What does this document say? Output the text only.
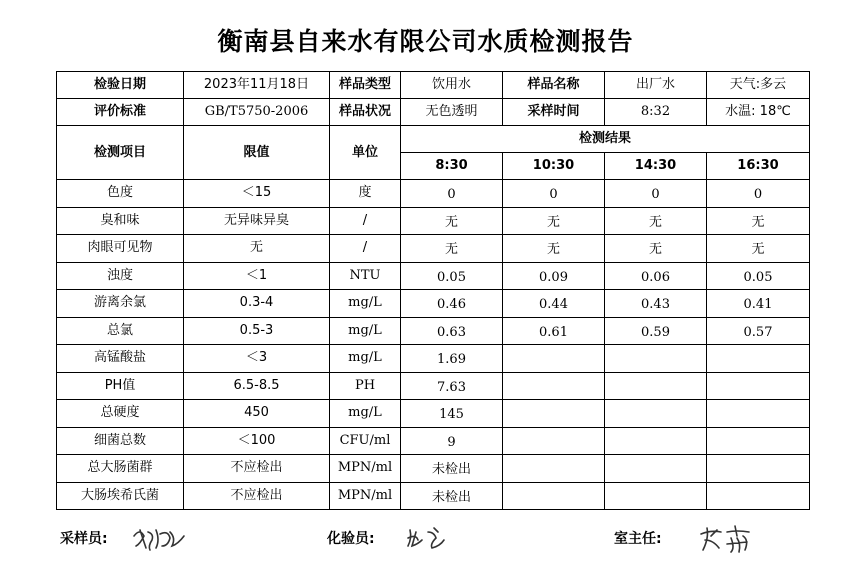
衡南县自来水有限公司水质检测报告
检验日期	2023年11月18日	样品类型	饮用水	样品名称	出厂水	天气:多云
评价标准	GB/T5750-2006	样品状况	无色透明	采样时间	8:32	水温: 18℃
检测项目	限值	单位	检测结果			
			8:30	10:30	14:30	16:30
色度	＜15	度	0	0	0	0
臭和味	无异味异臭	/	无	无	无	无
肉眼可见物	无	/	无	无	无	无
浊度	＜1	NTU	0.05	0.09	0.06	0.05
游离余氯	0.3-4	mg/L	0.46	0.44	0.43	0.41
总氯	0.5-3	mg/L	0.63	0.61	0.59	0.57
高锰酸盐	＜3	mg/L	1.69			
PH值	6.5-8.5	PH	7.63			
总硬度	450	mg/L	145			
细菌总数	＜100	CFU/ml	9			
总大肠菌群	不应检出	MPN/ml	未检出			
大肠埃希氏菌	不应检出	MPN/ml	未检出			
采样员:	化验员:	室主任:
